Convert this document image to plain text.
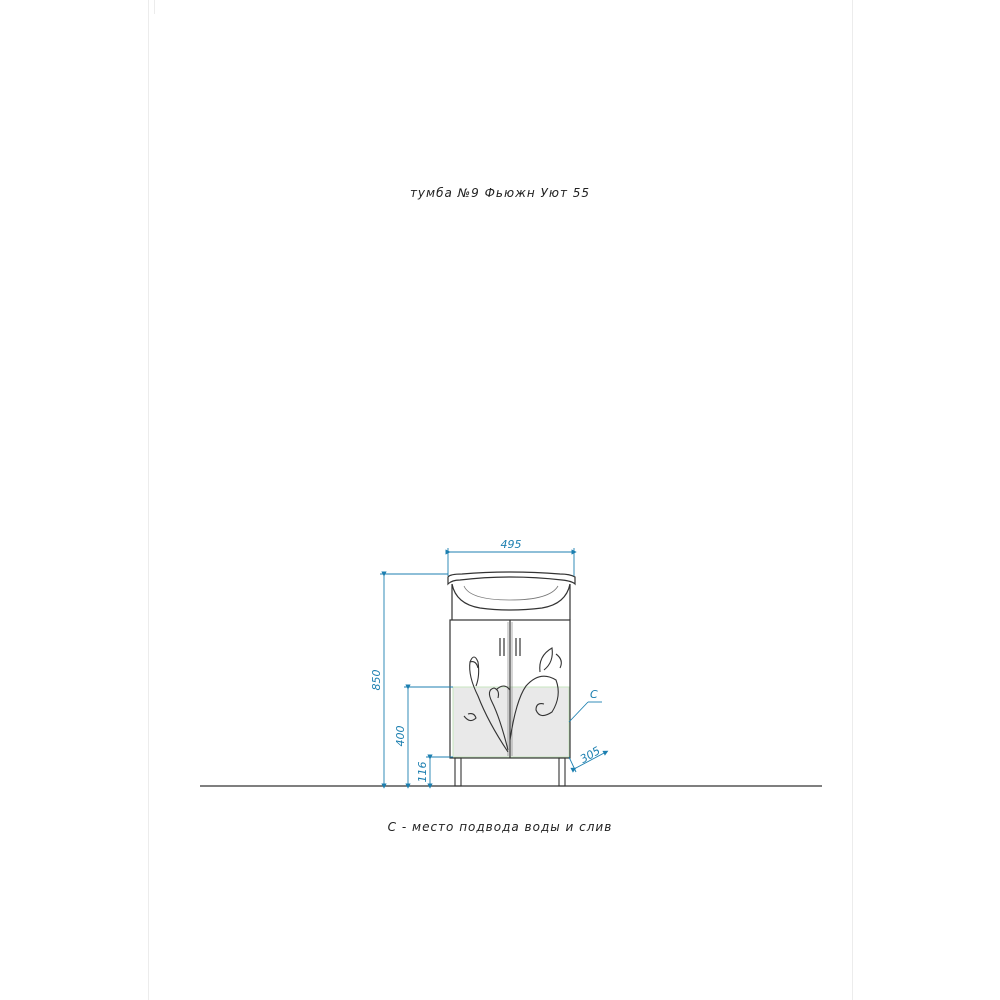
тумба №9 Фьюжн Уют 55
495
850
400
116
305
С
С - место подвода воды и слив
